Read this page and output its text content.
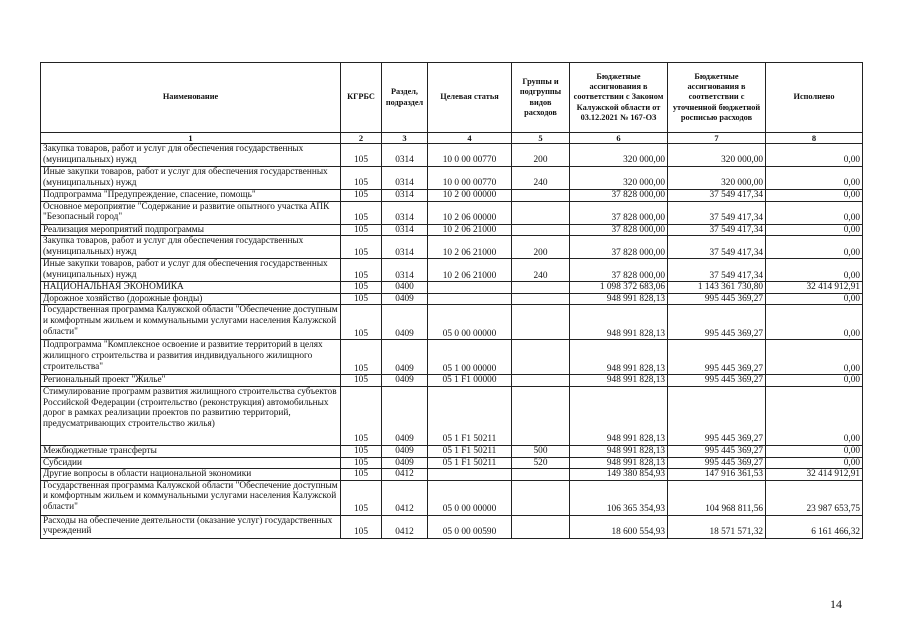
Наименование	КГРБС	Раздел, подраздел	Целевая статья	Группы и подгруппы видов расходов	Бюджетные ассигнования в соответствии с Законом Калужской области от 03.12.2021 № 167-ОЗ	Бюджетные ассигнования в соответствии с уточненной бюджетной росписью расходов	Исполнено
1	2	3	4	5	6	7	8
Закупка товаров, работ и услуг для обеспечения государственных (муниципальных) нужд	105	0314	10 0 00 00770	200	320 000,00	320 000,00	0,00
Иные закупки товаров, работ и услуг для обеспечения государственных (муниципальных) нужд	105	0314	10 0 00 00770	240	320 000,00	320 000,00	0,00
Подпрограмма "Предупреждение, спасение, помощь"	105	0314	10 2 00 00000		37 828 000,00	37 549 417,34	0,00
Основное мероприятие "Содержание и развитие опытного участка АПК "Безопасный город"	105	0314	10 2 06 00000		37 828 000,00	37 549 417,34	0,00
Реализация мероприятий подпрограммы	105	0314	10 2 06 21000		37 828 000,00	37 549 417,34	0,00
Закупка товаров, работ и услуг для обеспечения государственных (муниципальных) нужд	105	0314	10 2 06 21000	200	37 828 000,00	37 549 417,34	0,00
Иные закупки товаров, работ и услуг для обеспечения государственных (муниципальных) нужд	105	0314	10 2 06 21000	240	37 828 000,00	37 549 417,34	0,00
НАЦИОНАЛЬНАЯ ЭКОНОМИКА	105	0400			1 098 372 683,06	1 143 361 730,80	32 414 912,91
Дорожное хозяйство (дорожные фонды)	105	0409			948 991 828,13	995 445 369,27	0,00
Государственная программа Калужской области "Обеспечение доступным и комфортным жильем и коммунальными услугами населения Калужской области"	105	0409	05 0 00 00000		948 991 828,13	995 445 369,27	0,00
Подпрограмма "Комплексное освоение и развитие территорий в целях жилищного строительства и развития индивидуального жилищного строительства"	105	0409	05 1 00 00000		948 991 828,13	995 445 369,27	0,00
Региональный проект "Жилье"	105	0409	05 1 F1 00000		948 991 828,13	995 445 369,27	0,00
Стимулирование программ развития жилищного строительства субъектов Российской Федерации (строительство (реконструкция) автомобильных дорог в рамках реализации проектов по развитию территорий, предусматривающих строительство жилья)	105	0409	05 1 F1 50211		948 991 828,13	995 445 369,27	0,00
Межбюджетные трансферты	105	0409	05 1 F1 50211	500	948 991 828,13	995 445 369,27	0,00
Субсидии	105	0409	05 1 F1 50211	520	948 991 828,13	995 445 369,27	0,00
Другие вопросы в области национальной экономики	105	0412			149 380 854,93	147 916 361,53	32 414 912,91
Государственная программа Калужской области "Обеспечение доступным и комфортным жильем и коммунальными услугами населения Калужской области"	105	0412	05 0 00 00000		106 365 354,93	104 968 811,56	23 987 653,75
Расходы на обеспечение деятельности (оказание услуг) государственных учреждений	105	0412	05 0 00 00590		18 600 554,93	18 571 571,32	6 161 466,32
14
